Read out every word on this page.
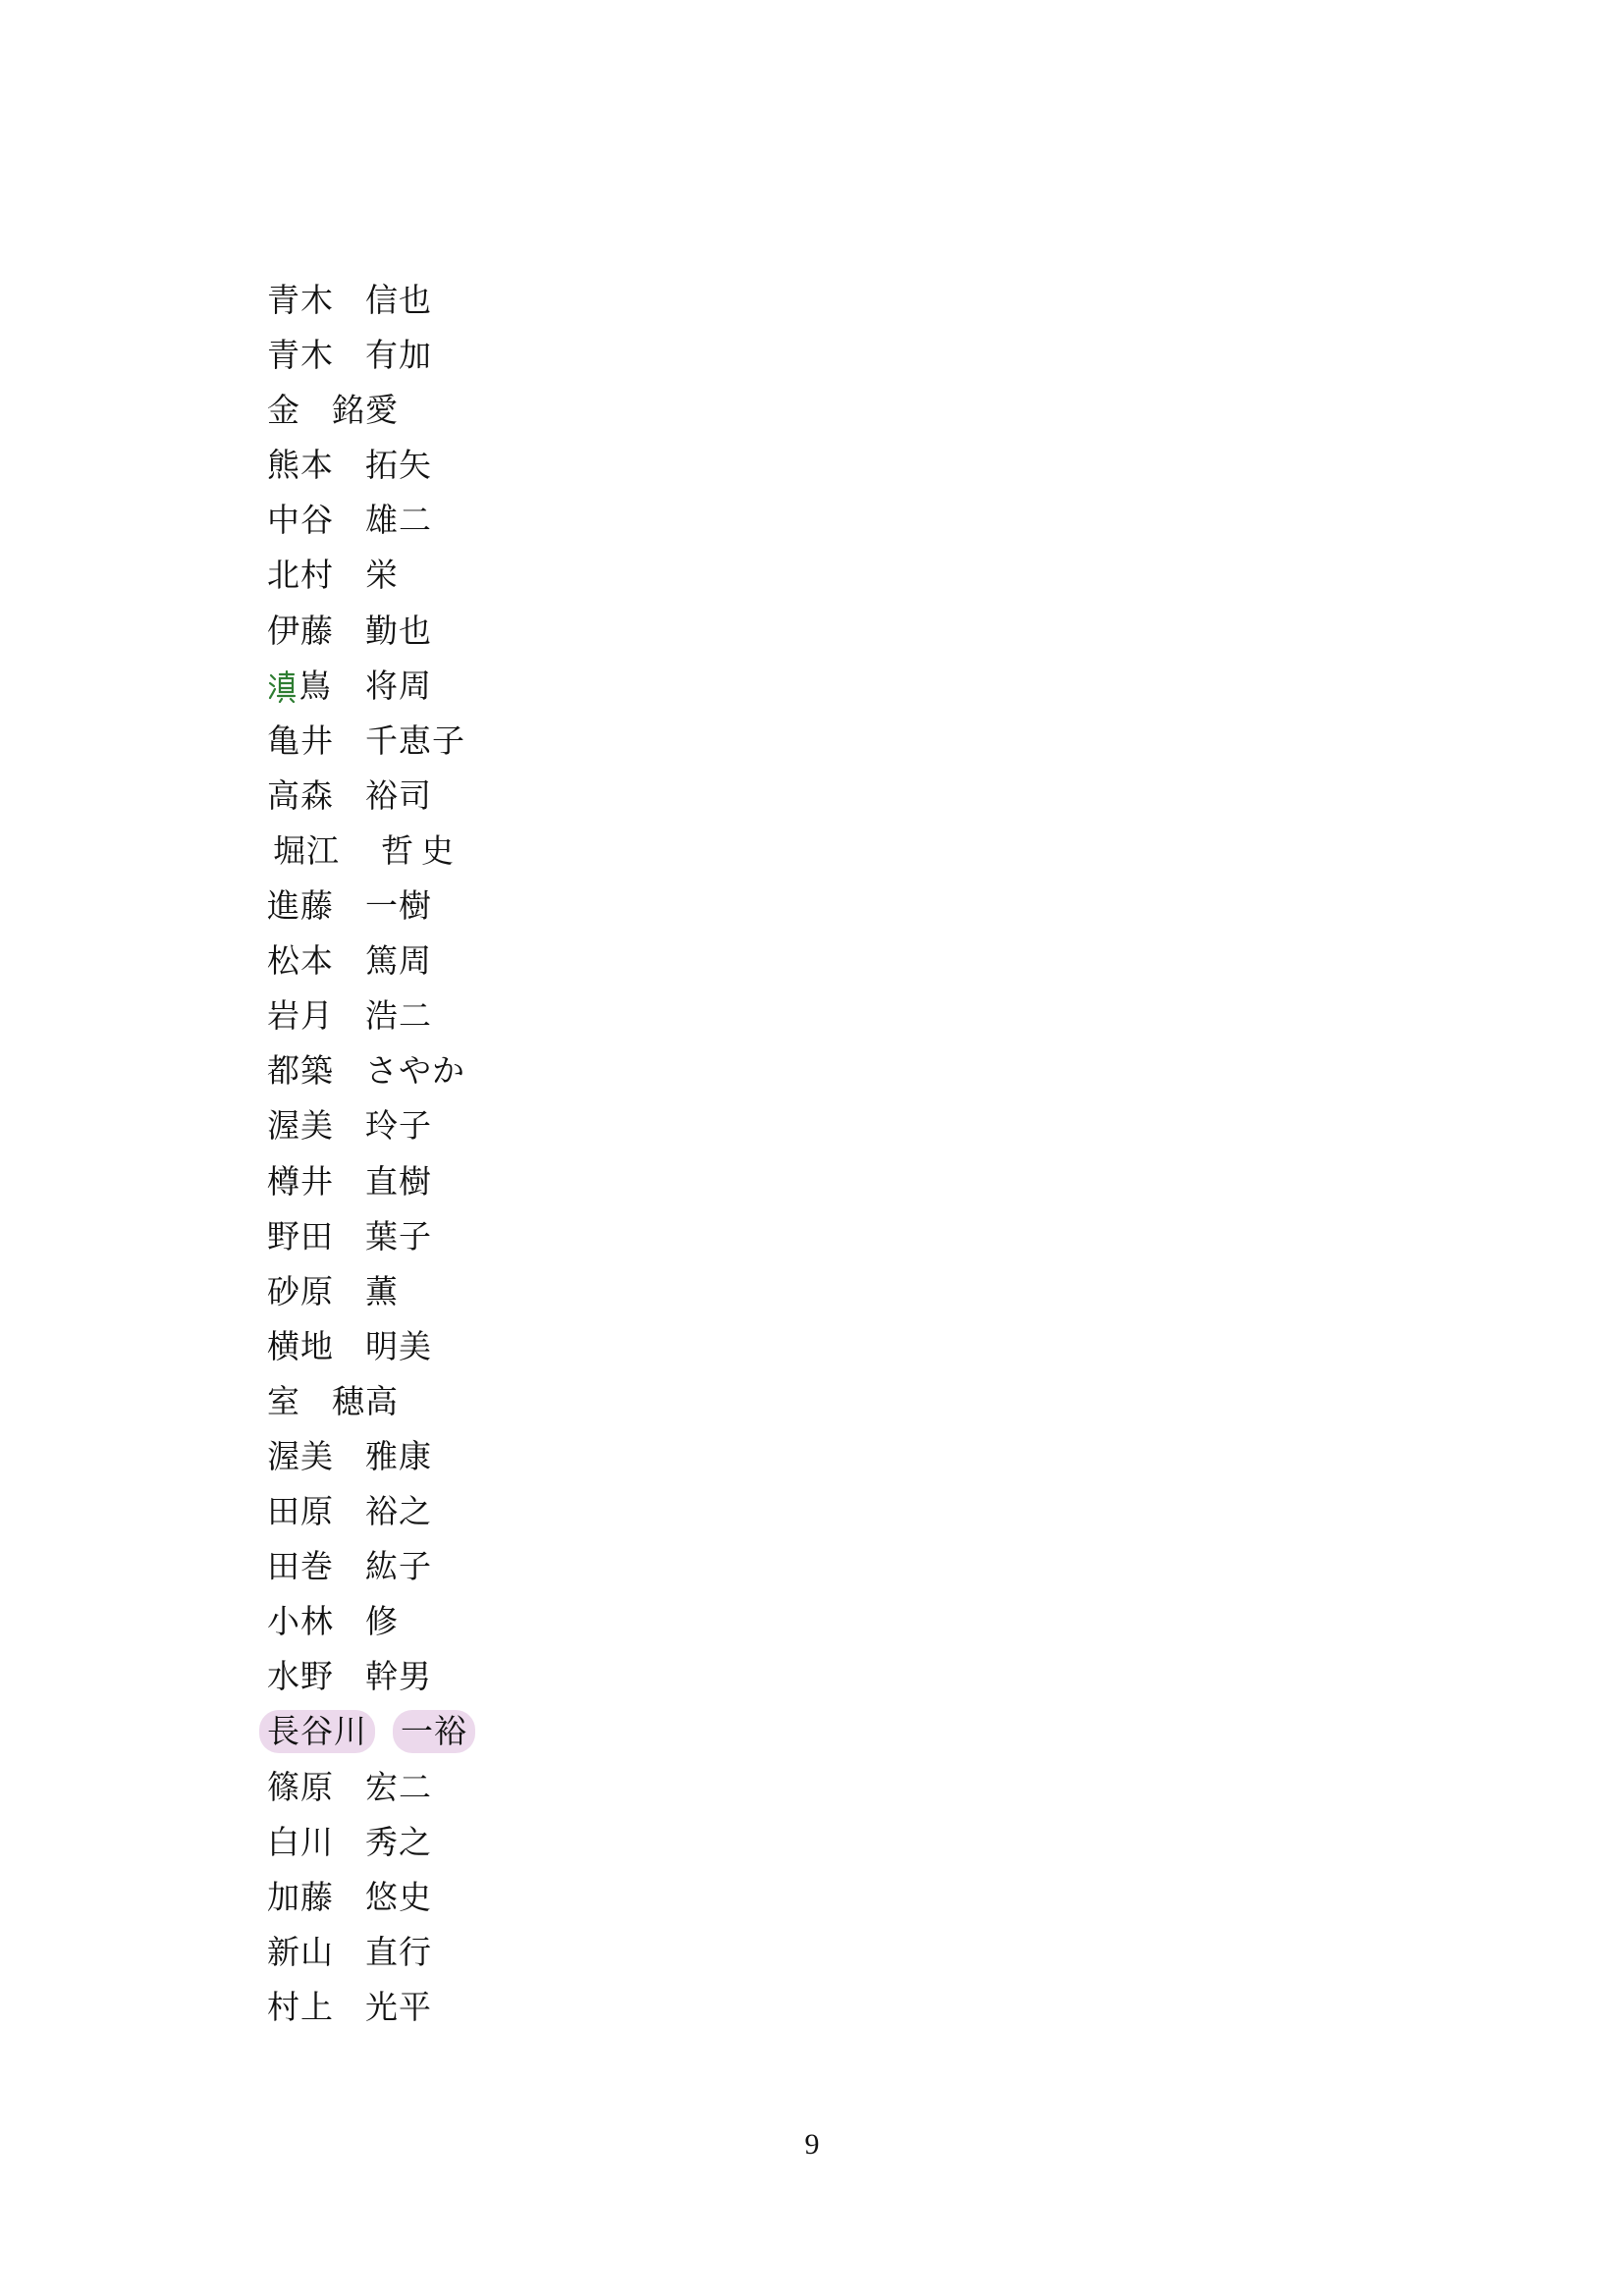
青木 信也
青木 有加
金 銘愛
熊本 拓矢
中谷 雄二
北村 栄
伊藤 勤也
嶌 将周
亀井 千恵子
高森 裕司
堀江 哲史
進藤 一樹
松本 篤周
岩月 浩二
都築 さやか
渥美 玲子
樽井 直樹
野田 葉子
砂原 薫
横地 明美
室 穂高
渥美 雅康
田原 裕之
田巻 紘子
小林 修
水野 幹男
長谷川 一裕
篠原 宏二
白川 秀之
加藤 悠史
新山 直行
村上 光平
9
